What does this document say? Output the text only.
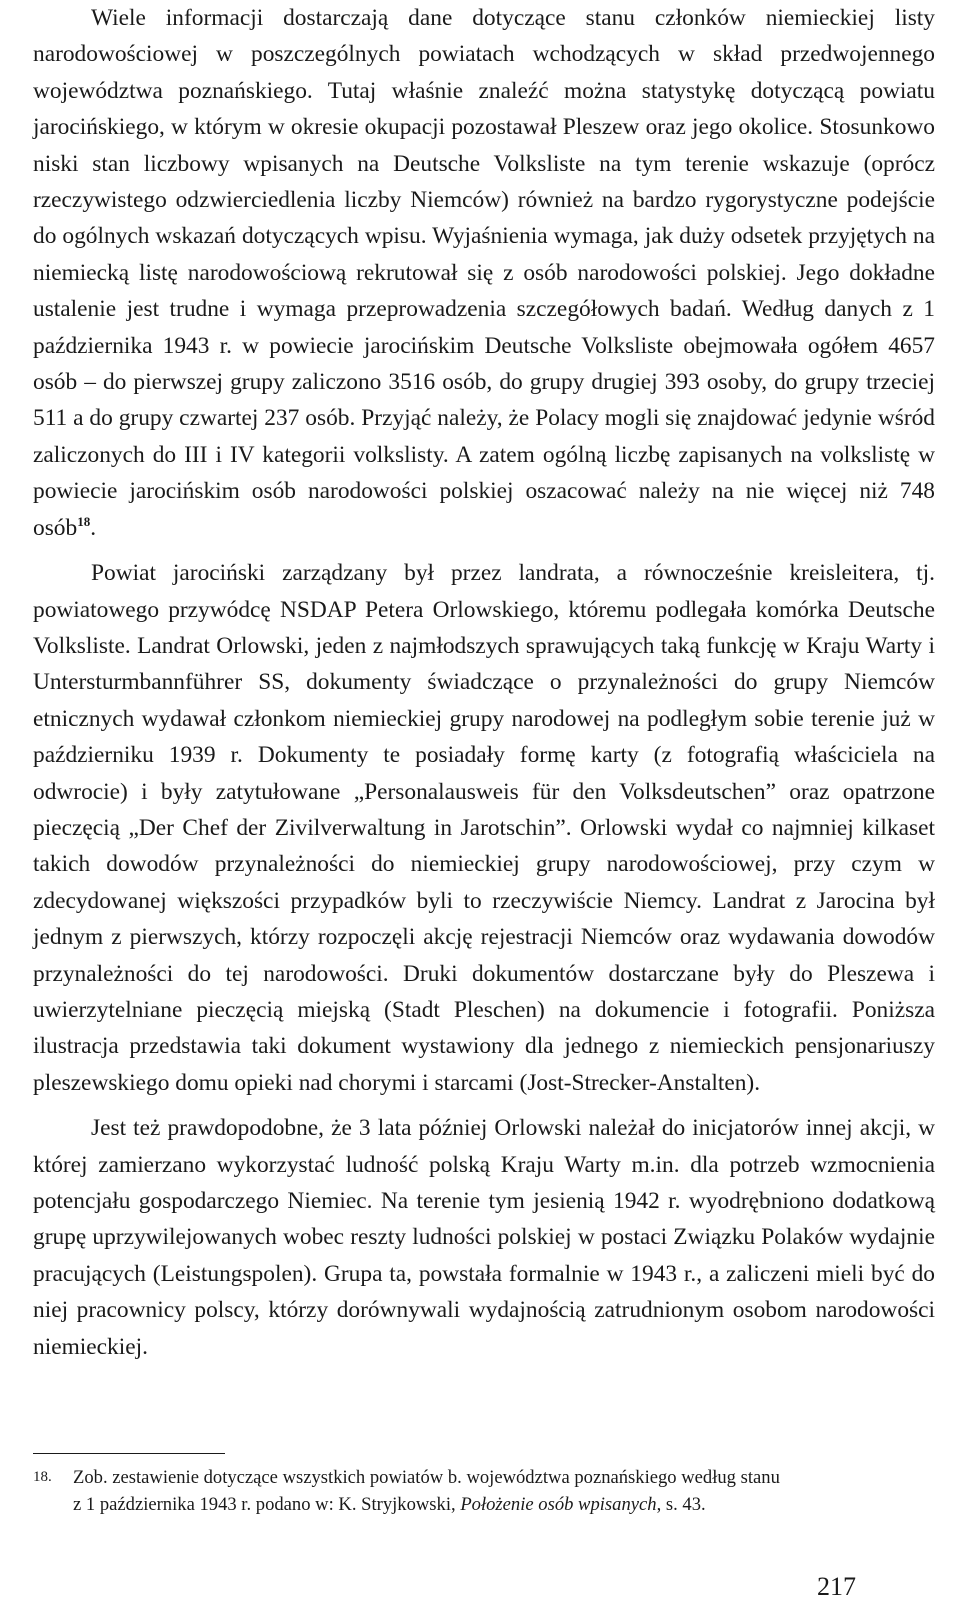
Wiele informacji dostarczają dane dotyczące stanu członków niemieckiej listy narodowościowej w poszczególnych powiatach wchodzących w skład przedwojennego województwa poznańskiego. Tutaj właśnie znaleźć można statystykę dotyczącą powiatu jarocińskiego, w którym w okresie okupacji pozostawał Pleszew oraz jego okolice. Stosunkowo niski stan liczbowy wpisanych na Deutsche Volksliste na tym terenie wskazuje (oprócz rzeczywistego odzwierciedlenia liczby Niemców) również na bardzo rygorystyczne podejście do ogólnych wskazań dotyczących wpisu. Wyjaśnienia wymaga, jak duży odsetek przyjętych na niemiecką listę narodowościową rekrutował się z osób narodowości polskiej. Jego dokładne ustalenie jest trudne i wymaga przeprowadzenia szczegółowych badań. Według danych z 1 października 1943 r. w powiecie jarocińskim Deutsche Volksliste obejmowała ogółem 4657 osób – do pierwszej grupy zaliczono 3516 osób, do grupy drugiej 393 osoby, do grupy trzeciej 511 a do grupy czwartej 237 osób. Przyjąć należy, że Polacy mogli się znajdować jedynie wśród zaliczonych do III i IV kategorii volkslisty. A zatem ogólną liczbę zapisanych na volkslistę w powiecie jarocińskim osób narodowości polskiej oszacować należy na nie więcej niż 748 osób$^{18}$.

Powiat jarociński zarządzany był przez landrata, a równocześnie kreisleitera, tj. powiatowego przywódcę NSDAP Petera Orlowskiego, któremu podlegała komórka Deutsche Volksliste. Landrat Orlowski, jeden z najmłodszych sprawujących taką funkcję w Kraju Warty i Untersturmbannführer SS, dokumenty świadczące o przynależności do grupy Niemców etnicznych wydawał członkom niemieckiej grupy narodowej na podległym sobie terenie już w październiku 1939 r. Dokumenty te posiadały formę karty (z fotografią właściciela na odwrocie) i były zatytułowane „Personalausweis für den Volksdeutschen” oraz opatrzone pieczęcią „Der Chef der Zivilverwaltung in Jarotschin”. Orlowski wydał co najmniej kilkaset takich dowodów przynależności do niemieckiej grupy narodowościowej, przy czym w zdecydowanej większości przypadków byli to rzeczywiście Niemcy. Landrat z Jarocina był jednym z pierwszych, którzy rozpoczęli akcję rejestracji Niemców oraz wydawania dowodów przynależności do tej narodowości. Druki dokumentów dostarczane były do Pleszewa i uwierzytelniane pieczęcią miejską (Stadt Pleschen) na dokumencie i fotografii. Poniższa ilustracja przedstawia taki dokument wystawiony dla jednego z niemieckich pensjonariuszy pleszewskiego domu opieki nad chorymi i starcami (Jost-Strecker-Anstalten).

Jest też prawdopodobne, że 3 lata później Orlowski należał do inicjatorów innej akcji, w której zamierzano wykorzystać ludność polską Kraju Warty m.in. dla potrzeb wzmocnienia potencjału gospodarczego Niemiec. Na terenie tym jesienią 1942 r. wyodrębniono dodatkową grupę uprzywilejowanych wobec reszty ludności polskiej w postaci Związku Polaków wydajnie pracujących (Leistungspolen). Grupa ta, powstała formalnie w 1943 r., a zaliczeni mieli być do niej pracownicy polscy, którzy dorównywali wydajnością zatrudnionym osobom narodowości niemieckiej.

18.	Zob. zestawienie dotyczące wszystkich powiatów b. województwa poznańskiego według stanu
z 1 października 1943 r. podano w: K. Stryjkowski, Położenie osób wpisanych, s. 43.
217
